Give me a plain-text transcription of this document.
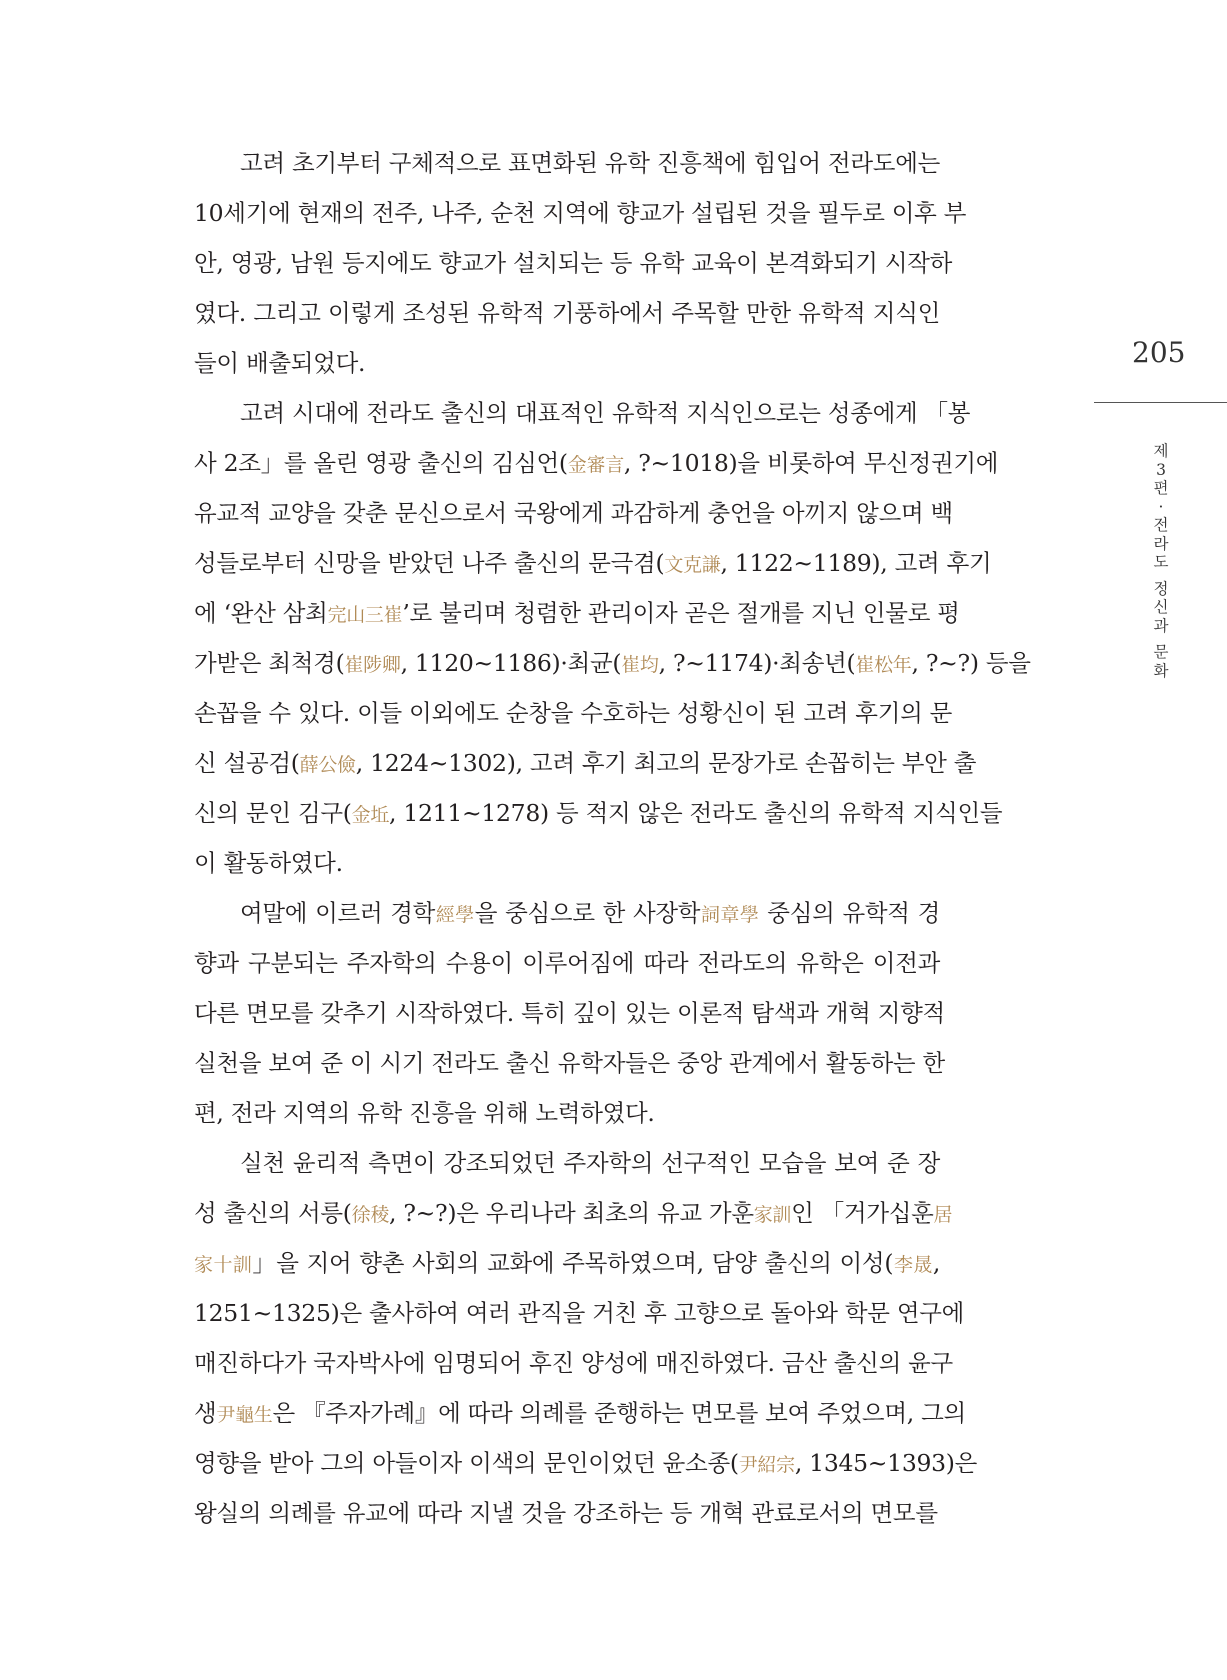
고려 초기부터 구체적으로 표면화된 유학 진흥책에 힘입어 전라도에는
10세기에 현재의 전주, 나주, 순천 지역에 향교가 설립된 것을 필두로 이후 부
안, 영광, 남원 등지에도 향교가 설치되는 등 유학 교육이 본격화되기 시작하
였다. 그리고 이렇게 조성된 유학적 기풍하에서 주목할 만한 유학적 지식인
들이 배출되었다.
고려 시대에 전라도 출신의 대표적인 유학적 지식인으로는 성종에게 「봉
사 2조」를 올린 영광 출신의 김심언(金審言, ?~1018)을 비롯하여 무신정권기에
유교적 교양을 갖춘 문신으로서 국왕에게 과감하게 충언을 아끼지 않으며 백
성들로부터 신망을 받았던 나주 출신의 문극겸(文克謙, 1122~1189), 고려 후기
에 ‘완산 삼최完山三崔’로 불리며 청렴한 관리이자 곧은 절개를 지닌 인물로 평
가받은 최척경(崔陟卿, 1120~1186)·최균(崔均, ?~1174)·최송년(崔松年, ?~?) 등을
손꼽을 수 있다. 이들 이외에도 순창을 수호하는 성황신이 된 고려 후기의 문
신 설공검(薛公儉, 1224~1302), 고려 후기 최고의 문장가로 손꼽히는 부안 출
신의 문인 김구(金坵, 1211~1278) 등 적지 않은 전라도 출신의 유학적 지식인들
이 활동하였다.
여말에 이르러 경학經學을 중심으로 한 사장학詞章學 중심의 유학적 경
향과 구분되는 주자학의 수용이 이루어짐에 따라 전라도의 유학은 이전과
다른 면모를 갖추기 시작하였다. 특히 깊이 있는 이론적 탐색과 개혁 지향적
실천을 보여 준 이 시기 전라도 출신 유학자들은 중앙 관계에서 활동하는 한
편, 전라 지역의 유학 진흥을 위해 노력하였다.
실천 윤리적 측면이 강조되었던 주자학의 선구적인 모습을 보여 준 장
성 출신의 서릉(徐稜, ?~?)은 우리나라 최초의 유교 가훈家訓인 「거가십훈居
家十訓」을 지어 향촌 사회의 교화에 주목하였으며, 담양 출신의 이성(李晟,
1251~1325)은 출사하여 여러 관직을 거친 후 고향으로 돌아와 학문 연구에
매진하다가 국자박사에 임명되어 후진 양성에 매진하였다. 금산 출신의 윤구
생尹龜生은 『주자가례』에 따라 의례를 준행하는 면모를 보여 주었으며, 그의
영향을 받아 그의 아들이자 이색의 문인이었던 윤소종(尹紹宗, 1345~1393)은
왕실의 의례를 유교에 따라 지낼 것을 강조하는 등 개혁 관료로서의 면모를
205
제
3
편
·
전
라
도

정
신
과

문
화
